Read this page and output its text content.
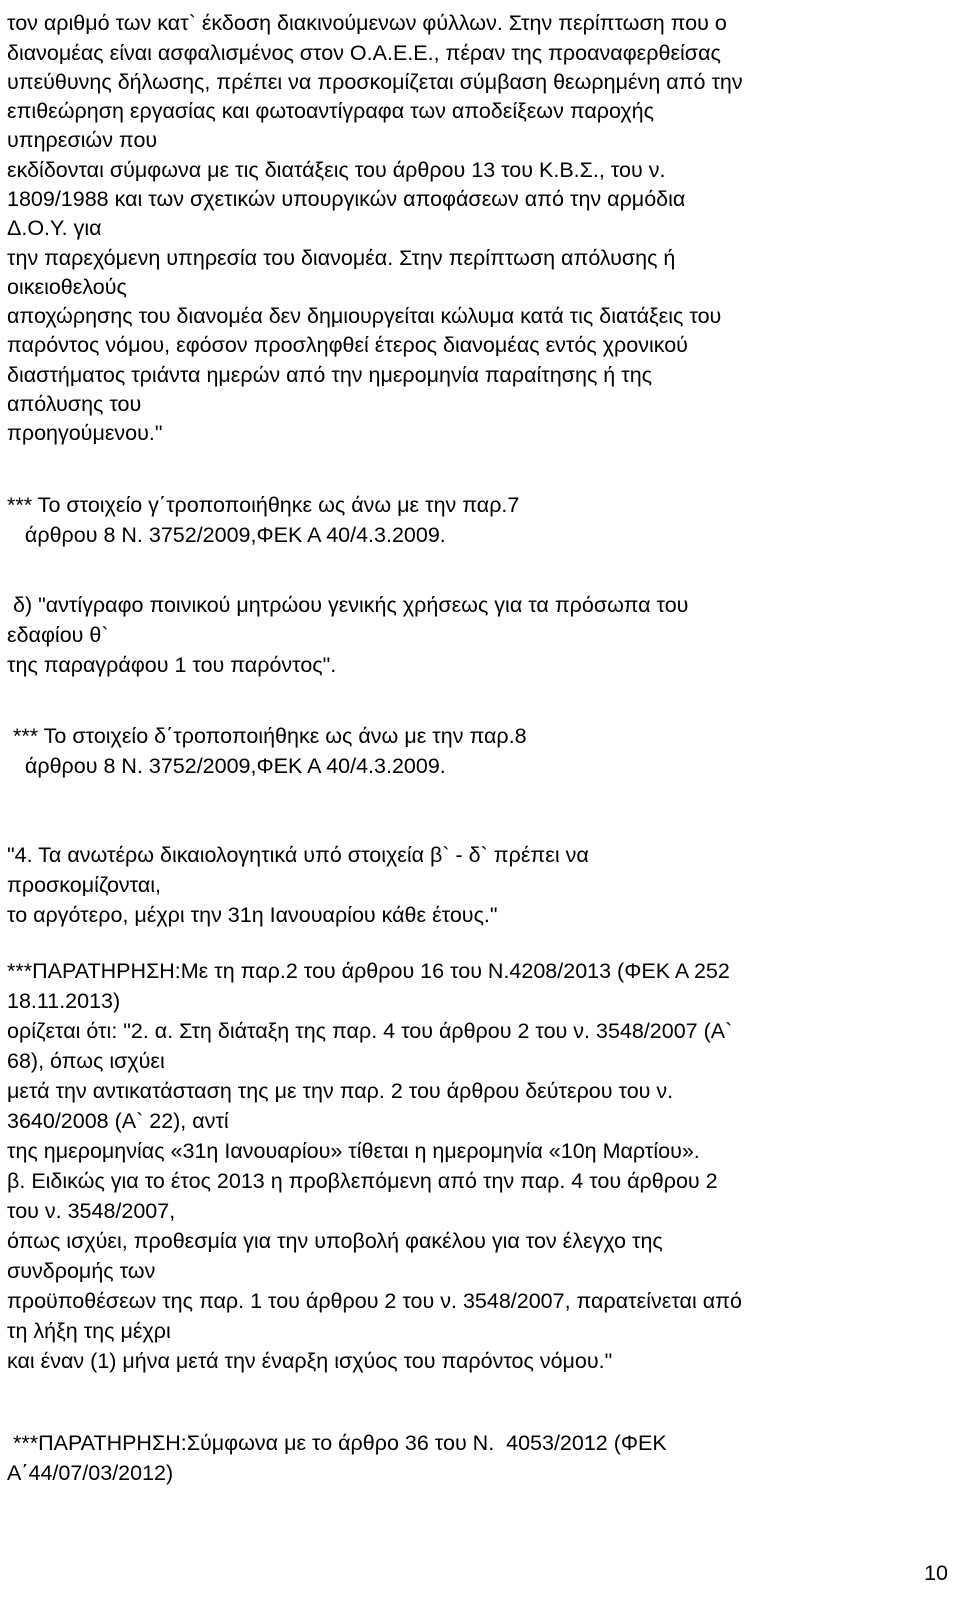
τον αριθμό των κατ` έκδοση διακινούμενων φύλλων. Στην περίπτωση που ο
διανομέας είναι ασφαλισμένος στον Ο.Α.Ε.Ε., πέραν της προαναφερθείσας
υπεύθυνης δήλωσης, πρέπει να προσκομίζεται σύμβαση θεωρημένη από την
επιθεώρηση εργασίας και φωτοαντίγραφα των αποδείξεων παροχής
υπηρεσιών που
εκδίδονται σύμφωνα με τις διατάξεις του άρθρου 13 του Κ.Β.Σ., του ν.
1809/1988 και των σχετικών υπουργικών αποφάσεων από την αρμόδια
Δ.Ο.Υ. για
την παρεχόμενη υπηρεσία του διανομέα. Στην περίπτωση απόλυσης ή
οικειοθελούς
αποχώρησης του διανομέα δεν δημιουργείται κώλυμα κατά τις διατάξεις του
παρόντος νόμου, εφόσον προσληφθεί έτερος διανομέας εντός χρονικού
διαστήματος τριάντα ημερών από την ημερομηνία παραίτησης ή της
απόλυσης του
προηγούμενου."
*** Το στοιχείο γ΄τροποποιήθηκε ως άνω με την παρ.7
άρθρου 8 Ν. 3752/2009,ΦΕΚ Α 40/4.3.2009.
δ) "αντίγραφο ποινικού μητρώου γενικής χρήσεως για τα πρόσωπα του
εδαφίου θ`
της παραγράφου 1 του παρόντος".
*** Το στοιχείο δ΄τροποποιήθηκε ως άνω με την παρ.8
άρθρου 8 Ν. 3752/2009,ΦΕΚ Α 40/4.3.2009.
"4. Τα ανωτέρω δικαιολογητικά υπό στοιχεία β` - δ` πρέπει να
προσκομίζονται,
το αργότερο, μέχρι την 31η Ιανουαρίου κάθε έτους."
***ΠΑΡΑΤΗΡΗΣΗ:Με τη παρ.2 του άρθρου 16 του Ν.4208/2013 (ΦΕΚ Α 252
18.11.2013)
ορίζεται ότι: "2. α. Στη διάταξη της παρ. 4 του άρθρου 2 του ν. 3548/2007 (Α`
68), όπως ισχύει
μετά την αντικατάσταση της με την παρ. 2 του άρθρου δεύτερου του ν.
3640/2008 (Α` 22), αντί
της ημερομηνίας «31η Ιανουαρίου» τίθεται η ημερομηνία «10η Μαρτίου».
β. Ειδικώς για το έτος 2013 η προβλεπόμενη από την παρ. 4 του άρθρου 2
του ν. 3548/2007,
όπως ισχύει, προθεσμία για την υποβολή φακέλου για τον έλεγχο της
συνδρομής των
προϋποθέσεων της παρ. 1 του άρθρου 2 του ν. 3548/2007, παρατείνεται από
τη λήξη της μέχρι
και έναν (1) μήνα μετά την έναρξη ισχύος του παρόντος νόμου."
***ΠΑΡΑΤΗΡΗΣΗ:Σύμφωνα με το άρθρο 36 του Ν.  4053/2012 (ΦΕΚ
Α΄44/07/03/2012)
10
